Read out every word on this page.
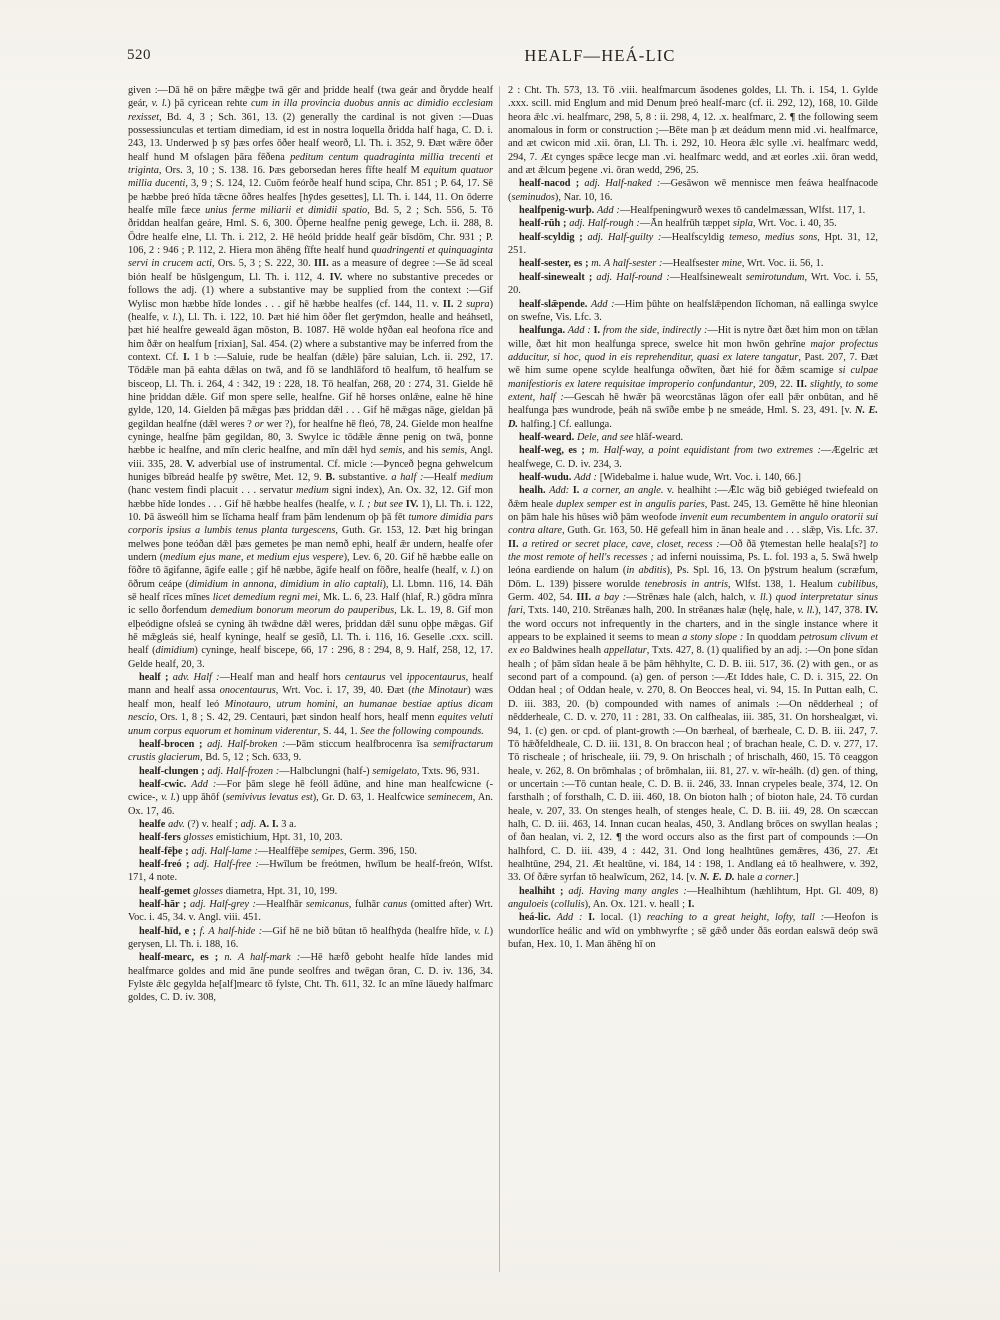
520	HEALF—HEÁ-LIC

given :—Dā hē on þǣre mǣgþe twā gēr and þridde healf (twa geár and ðrydde healf geár, v. l.) þā cyricean rehte cum in illa provincia duobus annis ac dimidio ecclesiam rexisset, Bd. 4, 3 ; Sch. 361, 13. (2) generally the cardinal is not given :—Duas possessiunculas et tertiam dimediam, id est in nostra loquella ðridda half haga, C. D. i. 243, 13. Underwed þ sȳ þæs orfes ōðer healf weorð, Ll. Th. i. 352, 9. Ðæt wǣre ōðer healf hund M ofslagen þāra fēðena peditum centum quadraginta millia trecenti et triginta, Ors. 3, 10 ; S. 138. 16. Þæs geborsedan heres fīfte healf M equitum quatuor millia ducenti, 3, 9 ; S. 124, 12. Cuōm feórðe healf hund scipa, Chr. 851 ; P. 64, 17. Sē þe hæbbe þreó hīda tǣcne ōðres healfes [hȳdes gesettes], Ll. Th. i. 144, 11. On ōderre healfe mīle fæce unius ferme miliarii et dimidii spatio, Bd. 5, 2 ; Sch. 556, 5. Tō ðriddan healfan geáre, Hml. S. 6, 300. Ōþerne healfne penig gewege, Lch. ii. 288, 8. Ōdre healfe elne, Ll. Th. i. 212, 2. Hē heóld þridde healf geār bīsdōm, Chr. 931 ; P. 106, 2 : 946 ; P. 112, 2. Hiera mon āhēng fīfte healf hund quadringenti et quinquaginta servi in crucem acti, Ors. 5, 3 ; S. 222, 30. III. as a measure of degree :—Se ād sceal bión healf be hūslgengum, Ll. Th. i. 112, 4. IV. where no substantive precedes or follows the adj. (1) where a substantive may be supplied from the context :—Gif Wylisc mon hæbbe hīde londes . . . gif hē hæbbe healfes (cf. 144, 11. v. II. 2 supra) (healfe, v. l.), Ll. Th. i. 122, 10. Þæt hié him ōðer flet gerȳmdon, healle and heáhsetl, þæt hié healfre geweald āgan mōston, B. 1087. Hē wolde hȳðan eal heofona rīce and him ðǣr on healfum [rixian], Sal. 454. (2) where a substantive may be inferred from the context. Cf. I. 1 b :—Saluie, rude be healfan (dǣle) þāre saluian, Lch. ii. 292, 17. Tōdǣle man þā eahta dǣlas on twā, and fō se landhlāford tō healfum, tō healfum se bisceop, Ll. Th. i. 264, 4 : 342, 19 : 228, 18. Tō healfan, 268, 20 : 274, 31. Gielde hē hine þriddan dǣle. Gif mon spere selle, healfne. Gif hē horses onlǣne, ealne hē hine gylde, 120, 14. Gielden þā mǣgas þæs þriddan dǣl . . . Gif hē mǣgas nāge, gieldan þā gegildan healfne (dǣl weres ? or wer ?), for healfne hē fleó, 78, 24. Gielde mon healfne cyninge, healfne þām gegildan, 80, 3. Swylce ic tōdǣle ǣnne penig on twā, þonne hæbbe ic healfne, and mīn cleric healfne, and mīn dǣl hyd semis, and his semis, Angl. viii. 335, 28. V. adverbial use of instrumental. Cf. micle :—Þynceð þegna gehwelcum huniges bībreád healfe þȳ swētre, Met. 12, 9. B. substantive. a half :—Healf medium (hanc vestem findi placuit . . . servatur medium signi index), An. Ox. 32, 12. Gif mon hæbbe hīde londes . . . Gif hē hæbbe healfes (healfe, v. l. ; but see IV. 1), Ll. Th. i. 122, 10. Þā āsweóll him se līchama healf fram þām lendenum oþ þā fēt tumore dimidia pars corporis ipsius a lumbis tenus planta turgescens, Guth. Gr. 153, 12. Þæt hig bringan melwes þone teóðan dǣl þæs gemetes þe man nemð ephi, healf ǣr undern, healfe ofer undern (medium ejus mane, et medium ejus vespere), Lev. 6, 20. Gif hē hæbbe ealle on fōðre tō āgifanne, āgife ealle ; gif hē næbbe, āgife healf on fōðre, healfe (healf, v. l.) on ōðrum ceápe (dimidium in annona, dimidium in alio captali), Ll. Lbmn. 116, 14. Ðāh sē healf rīces mīnes licet demedium regni mei, Mk. L. 6, 23. Half (hlaf, R.) gōdra mīnra ic sello ðorfendum demedium bonorum meorum do pauperibus, Lk. L. 19, 8. Gif mon elþeódigne ofsleá se cyning āh twǣdne dǣl weres, þriddan dǣl sunu oþþe mǣgas. Gif hē mǣgleás sié, healf kyninge, healf se gesīð, Ll. Th. i. 116, 16. Geselle .cxx. scill. healf (dimidium) cyninge, healf biscepe, 66, 17 : 296, 8 : 294, 8, 9. Half, 258, 12, 17. Gelde healf, 20, 3.

healf ; adv. Half :—Healf man and healf hors centaurus vel ippocentaurus, healf mann and healf assa onocentaurus, Wrt. Voc. i. 17, 39, 40. Ðæt (the Minotaur) wæs healf mon, healf leó Minotauro, utrum homini, an humanae bestiae aptius dicam nescio, Ors. 1, 8 ; S. 42, 29. Centauri, þæt sindon healf hors, healf menn equites veluti unum corpus equorum et hominum viderentur, S. 44, 1. See the following compounds.

healf-brocen ; adj. Half-broken :—Þām sticcum healfbrocenra īsa semifractarum crustis glacierum, Bd. 5, 12 ; Sch. 633, 9.

healf-clungen ; adj. Half-frozen :—Halbclungni (half-) semigelato, Txts. 96, 931.

healf-cwic. Add :—For þām slege hē feóll ādūne, and hine man healfcwicne (-cwice-, v. l.) upp āhōf (semivivus levatus est), Gr. D. 63, 1. Healfcwice seminecem, An. Ox. 17, 46.

healfe adv. (?) v. healf ; adj. A. I. 3 a.

healf-fers glosses emistichium, Hpt. 31, 10, 203.

healf-fēþe ; adj. Half-lame :—Healffēþe semipes, Germ. 396, 150.

healf-freó ; adj. Half-free :—Hwīlum be freótmen, hwīlum be healf-freón, Wlfst. 171, 4 note.

healf-gemet glosses diametra, Hpt. 31, 10, 199.

healf-hār ; adj. Half-grey :—Healfhār semicanus, fulhār canus (omitted after) Wrt. Voc. i. 45, 34. v. Angl. viii. 451.

healf-hīd, e ; f. A half-hide :—Gif hē ne bið būtan tō healfhȳda (healfre hīde, v. l.) gerysen, Ll. Th. i. 188, 16.

healf-mearc, es ; n. A half-mark :—Hē hæfð geboht healfe hīde landes mid healfmarce goldes and mid āne punde seolfres and twēgan ōran, C. D. iv. 136, 34. Fylste ǣlc gegylda he[alf]mearc tō fylste, Cht. Th. 611, 32. Ic an mīne lāuedy halfmarc goldes, C. D. iv. 308,

2 : Cht. Th. 573, 13. Tō .viii. healfmarcum āsodenes goldes, Ll. Th. i. 154, 1. Gylde .xxx. scill. mid Englum and mid Denum þreó healf-marc (cf. ii. 292, 12), 168, 10. Gilde heora ǣlc .vi. healfmarc, 298, 5, 8 : ii. 298, 4, 12. .x. healfmarc, 2. ¶ the following seem anomalous in form or construction ;—Bēte man þ æt deádum menn mid .vi. healfmarce, and æt cwicon mid .xii. ōran, Ll. Th. i. 292, 10. Heora ǣlc sylle .vi. healfmarc wedd, 294, 7. Æt cynges spǣce lecge man .vi. healfmarc wedd, and æt eorles .xii. ōran wedd, and æt ǣlcum þegene .vi. ōran wedd, 296, 25.

healf-nacod ; adj. Half-naked :—Gesāwon wē mennisce men feáwa healfnacode (seminudos), Nar. 10, 16.

healfpenig-wurþ. Add :—Healfpeningwurð wexes tō candelmæssan, Wlfst. 117, 1.

healf-rūh ; adj. Half-rough :—Ān healfrūh tæppet sipla, Wrt. Voc. i. 40, 35.

healf-scyldig ; adj. Half-guilty :—Healfscyldig temeso, medius sons, Hpt. 31, 12, 251.

healf-sester, es ; m. A half-sester :—Healfsester mine, Wrt. Voc. ii. 56, 1.

healf-sinewealt ; adj. Half-round :—Healfsinewealt semirotundum, Wrt. Voc. i. 55, 20.

healf-slǣpende. Add :—Him þūhte on healfslǣpendon līchoman, nā eallinga swylce on swefne, Vis. Lfc. 3.

healfunga. Add : I. from the side, indirectly :—Hit is nytre ðæt ðæt him mon on tǣlan wille, ðæt hit mon healfunga sprece, swelce hit mon hwōn gehrīne major profectus adducitur, si hoc, quod in eis reprehenditur, quasi ex latere tangatur, Past. 207, 7. Ðæt wē him sume opene scylde healfunga oðwīten, ðæt hié for ðǣm scamige si culpae manifestioris ex latere requisitae improperio confundantur, 209, 22. II. slightly, to some extent, half :—Gescah hē hwǣr þā weorcstānas lāgon ofer eall þǣr onbūtan, and hē healfunga þæs wundrode, þeáh nā swīðe embe þ ne smeáde, Hml. S. 23, 491. [v. N. E. D. halfing.] Cf. eallunga.

healf-weard. Dele, and see hlāf-weard.

healf-weg, es ; m. Half-way, a point equidistant from two extremes :—Ægelric æt healfwege, C. D. iv. 234, 3.

healf-wudu. Add : [Widebalme i. halue wude, Wrt. Voc. i. 140, 66.]

healh. Add: I. a corner, an angle. v. healhiht :—Ǣlc wāg bið gebiéged twiefeald on ðǣm heale duplex semper est in angulis paries, Past. 245, 13. Gemētte hē hine hleonian on þām hale his hūses wið þām weofode invenit eum recumbentem in angulo oratorii sui contra altare, Guth. Gr. 163, 50. Hē gefeall him in ānan heale and . . . slǣp, Vis. Lfc. 37. II. a retired or secret place, cave, closet, recess :—Oð ðā ȳtemestan helle heala[s?] to the most remote of hell's recesses ; ad inferni nouissima, Ps. L. fol. 193 a, 5. Swā hwelp leóna eardiende on halum (in abditis), Ps. Spl. 16, 13. On þȳstrum healum (scræfum, Dōm. L. 139) þissere worulde tenebrosis in antris, Wlfst. 138, 1. Healum cubilibus, Germ. 402, 54. III. a bay :—Strēnæs hale (alch, halch, v. ll.) quod interpretatur sinus fari, Txts. 140, 210. Strēanæs halh, 200. In strēanæs halæ (hęlę, hale, v. ll.), 147, 378. IV. the word occurs not infrequently in the charters, and in the single instance where it appears to be explained it seems to mean a stony slope : In quoddam petrosum clivum et ex eo Baldwines healh appellatur, Txts. 427, 8. (1) qualified by an adj. :—On þone sīdan healh ; of þām sīdan heale ā be þām hēhhylte, C. D. B. iii. 517, 36. (2) with gen., or as second part of a compound. (a) gen. of person :—Æt Iddes hale, C. D. i. 315, 22. On Oddan heal ; of Oddan heale, v. 270, 8. On Beocces heal, vi. 94, 15. In Puttan ealh, C. D. iii. 383, 20. (b) compounded with names of animals :—On nēdderheal ; of nēdderheale, C. D. v. 270, 11 : 281, 33. On calfhealas, iii. 385, 31. On horshealgæt, vi. 94, 1. (c) gen. or cpd. of plant-growth :—On bærheal, of bærheale, C. D. B. iii. 247, 7. Tō hǣðfeldheale, C. D. iii. 131, 8. On braccon heal ; of brachan heale, C. D. v. 277, 17. Tō rischeale ; of hrischeale, iii. 79, 9. On hrischalh ; of hrischalh, 460, 15. Tō ceaggon heale, v. 262, 8. On brōmhalas ; of brōmhalan, iii. 81, 27. v. wīr-heálh. (d) gen. of thing, or uncertain :—Tō cuntan heale, C. D. B. ii. 246, 33. Innan crypeles beale, 374, 12. On farsthalh ; of forsthalh, C. D. iii. 460, 18. On bioton halh ; of bioton hale, 24. Tō curdan heale, v. 207, 33. On stenges healh, of stenges heale, C. D. B. iii. 49, 28. On scæccan halh, C. D. iii. 463, 14. Innan cucan healas, 450, 3. Andlang brōces on swyllan healas ; of ðan healan, vi. 2, 12. ¶ the word occurs also as the first part of compounds :—On halhford, C. D. iii. 439, 4 : 442, 31. Ond long healhtūnes gemǣres, 436, 27. Æt healhtūne, 294, 21. Æt healtūne, vi. 184, 14 : 198, 1. Andlang eá tō healhwere, v. 392, 33. Of ðǣre syrfan tō healwīcum, 262, 14. [v. N. E. D. hale a corner.]

healhiht ; adj. Having many angles :—Healhihtum (hæhlihtum, Hpt. Gl. 409, 8) anguloeis (collulis), An. Ox. 121. v. heall ; I.

heá-lic. Add : I. local. (1) reaching to a great height, lofty, tall :—Heofon is wundorlīce heálic and wīd on ymbhwyrfte ; sē gǣð under ðās eordan ealswā deóp swā bufan, Hex. 10, 1. Man āhēng hī on
